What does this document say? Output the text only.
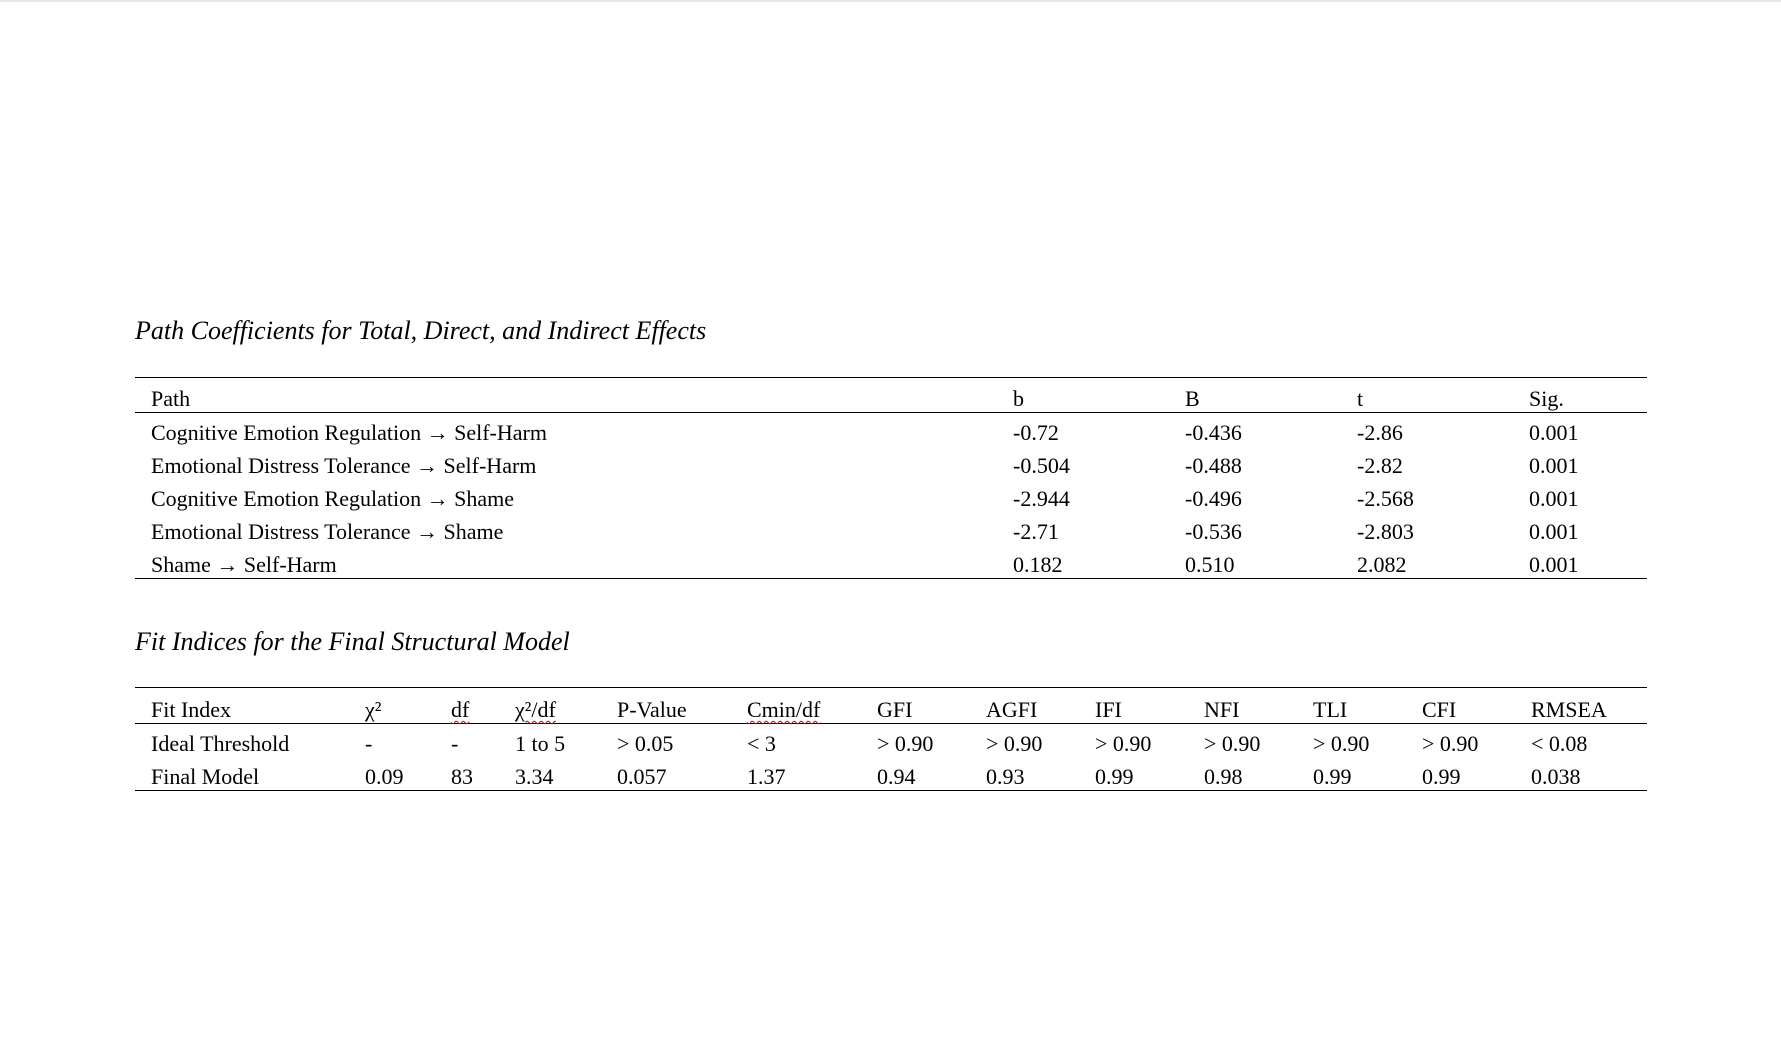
Path Coefficients for Total, Direct, and Indirect Effects
Path	b	B	t	Sig.
Cognitive Emotion Regulation → Self-Harm	-0.72	-0.436	-2.86	0.001
Emotional Distress Tolerance → Self-Harm	-0.504	-0.488	-2.82	0.001
Cognitive Emotion Regulation → Shame	-2.944	-0.496	-2.568	0.001
Emotional Distress Tolerance → Shame	-2.71	-0.536	-2.803	0.001
Shame → Self-Harm	0.182	0.510	2.082	0.001
Fit Indices for the Final Structural Model
Fit Index	χ²	df	χ²/df	P-Value	Cmin/df	GFI	AGFI	IFI	NFI	TLI	CFI	RMSEA
Ideal Threshold	-	-	1 to 5	> 0.05	< 3	> 0.90	> 0.90	> 0.90	> 0.90	> 0.90	> 0.90	< 0.08
Final Model	0.09	83	3.34	0.057	1.37	0.94	0.93	0.99	0.98	0.99	0.99	0.038
